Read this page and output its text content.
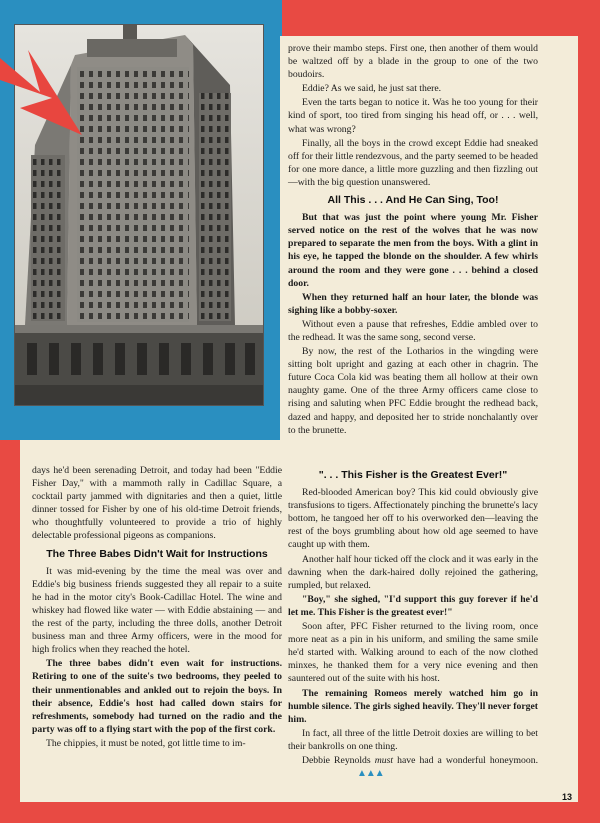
prove their mambo steps. First one, then another of them would be waltzed off by a blade in the group to one of the two boudoirs.

Eddie? As we said, he just sat there.

Even the tarts began to notice it. Was he too young for their kind of sport, too tired from singing his head off, or . . . well, what was wrong?

Finally, all the boys in the crowd except Eddie had sneaked off for their little rendezvous, and the party seemed to be headed for one more dance, a little more guzzling and then fizzling out—with the big question unanswered.

All This . . . And He Can Sing, Too!

But that was just the point where young Mr. Fisher served notice on the rest of the wolves that he was now prepared to separate the men from the boys. With a glint in his eye, he tapped the blonde on the shoulder. A few whirls around the room and they were gone . . . behind a closed door.

When they returned half an hour later, the blonde was sighing like a bobby-soxer.

Without even a pause that refreshes, Eddie ambled over to the redhead. It was the same song, second verse.

By now, the rest of the Lotharios in the wingding were sitting bolt upright and gazing at each other in chagrin. The future Coca Cola kid was beating them all hollow at their own naughty game. One of the three Army officers came close to rising and saluting when PFC Eddie brought the redhead back, dazed and happy, and deposited her to stride nonchalantly over to the brunette.

days he'd been serenading Detroit, and today had been "Eddie Fisher Day," with a mammoth rally in Cadillac Square, a cocktail party jammed with dignitaries and then a quiet, little dinner tossed for Fisher by one of his old-time Detroit friends, who thoughtfully volunteered to provide a trio of highly delectable professional pigeons as companions.

The Three Babes Didn't Wait for Instructions

It was mid-evening by the time the meal was over and Eddie's big business friends suggested they all repair to a suite he had in the motor city's Book-Cadillac Hotel. The wine and whiskey had flowed like water — with Eddie abstaining — and the rest of the party, including the three dolls, another Detroit business man and three Army officers, were in the mood for high frolics when they reached the hotel.

The three babes didn't even wait for instructions. Retiring to one of the suite's two bedrooms, they peeled to their unmentionables and ankled out to rejoin the boys. In their absence, Eddie's host had called down stairs for refreshments, somebody had turned on the radio and the party was off to a flying start with the pop of the first cork.

The chippies, it must be noted, got little time to im-

". . . This Fisher is the Greatest Ever!"

Red-blooded American boy? This kid could obviously give transfusions to tigers. Affectionately pinching the brunette's lacy bottom, he tangoed her off to his overworked den—leaving the rest of the boys grumbling about how old age seemed to have caught up with them.

Another half hour ticked off the clock and it was early in the dawning when the dark-haired dolly rejoined the gathering, rumpled, but relaxed.

"Boy," she sighed, "I'd support this guy forever if he'd let me. This Fisher is the greatest ever!"

Soon after, PFC Fisher returned to the living room, once more neat as a pin in his uniform, and smiling the same smile he'd started with. Walking around to each of the now clothed minxes, he thanked them for a very nice evening and then sauntered out of the suite with his host.

The remaining Romeos merely watched him go in humble silence. The girls sighed heavily. They'll never forget him.

In fact, all three of the little Detroit doxies are willing to bet their bankrolls on one thing.

Debbie Reynolds must have had a wonderful honeymoon.▲▲▲

13
